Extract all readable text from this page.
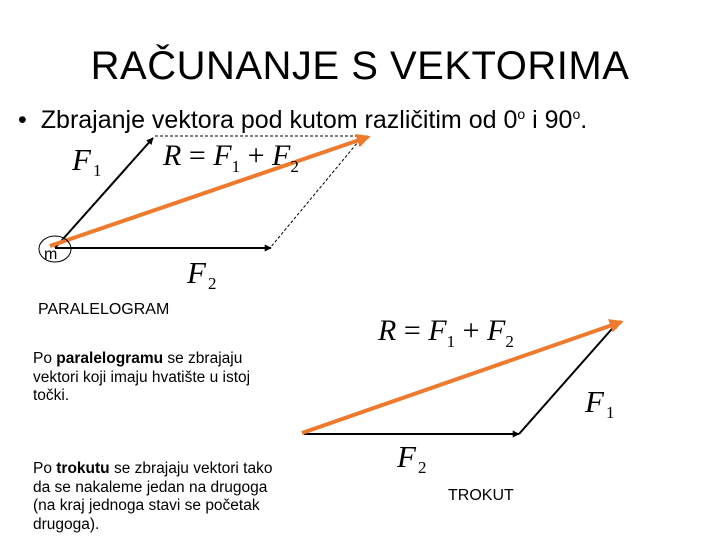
RAČUNANJE S VEKTORIMA
• Zbrajanje vektora pod kutom različitim od 0$^o$ i 90$^o$.
m
F 1
F 2
$R = F_1 + F_2$
F 1
F 2
$R = F_1 + F_2$
PARALELOGRAM
TROKUT
Po paralelogramu se zbrajaju vektori koji imaju hvatište u istoj točki.
Po trokutu se zbrajaju vektori tako da se nakaleme jedan na drugoga (na kraj jednoga stavi se početak drugoga).
